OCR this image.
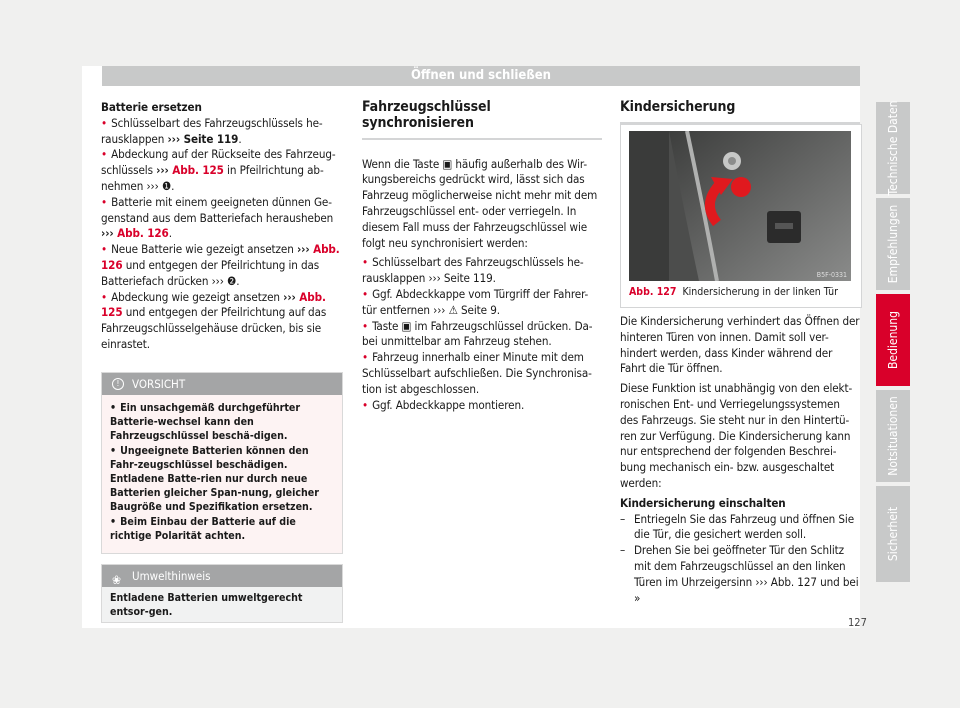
Öffnen und schließen

Batterie ersetzen

• Schlüsselbart des Fahrzeugschlüssels he-rausklappen ››› Seite 119.

• Abdeckung auf der Rückseite des Fahrzeug-schlüssels ››› Abb. 125 in Pfeilrichtung ab-nehmen ››› ❶.

• Batterie mit einem geeigneten dünnen Ge-genstand aus dem Batteriefach herausheben ››› Abb. 126.

• Neue Batterie wie gezeigt ansetzen ››› Abb. 126 und entgegen der Pfeilrichtung in das Batteriefach drücken ››› ❷.

• Abdeckung wie gezeigt ansetzen ››› Abb. 125 und entgegen der Pfeilrichtung auf das Fahrzeugschlüsselgehäuse drücken, bis sie einrastet.

!	VORSICHT

• Ein unsachgemäß durchgeführter Batterie-wechsel kann den Fahrzeugschlüssel beschä-digen.

• Ungeeignete Batterien können den Fahr-zeugschlüssel beschädigen. Entladene Batte-rien nur durch neue Batterien gleicher Span-nung, gleicher Baugröße und Spezifikation ersetzen.

• Beim Einbau der Batterie auf die richtige Polarität achten.

❀ Umwelthinweis
Entladene Batterien umweltgerecht entsor-gen.

Fahrzeugschlüssel synchronisieren

Wenn die Taste ▣ häufig außerhalb des Wir-kungsbereichs gedrückt wird, lässt sich das Fahrzeug möglicherweise nicht mehr mit dem Fahrzeugschlüssel ent- oder verriegeln. In diesem Fall muss der Fahrzeugschlüssel wie folgt neu synchronisiert werden:

• Schlüsselbart des Fahrzeugschlüssels he-rausklappen ››› Seite 119.

• Ggf. Abdeckkappe vom Türgriff der Fahrer-tür entfernen ››› ⚠ Seite 9.

• Taste ▣ im Fahrzeugschlüssel drücken. Da-bei unmittelbar am Fahrzeug stehen.

• Fahrzeug innerhalb einer Minute mit dem Schlüsselbart aufschließen. Die Synchronisa-tion ist abgeschlossen.

• Ggf. Abdeckkappe montieren.

Kindersicherung

B5F-0331
Abb. 127 Kindersicherung in der linken Tür

Die Kindersicherung verhindert das Öffnen der hinteren Türen von innen. Damit soll ver-hindert werden, dass Kinder während der Fahrt die Tür öffnen.

Diese Funktion ist unabhängig von den elekt-ronischen Ent- und Verriegelungssystemen des Fahrzeugs. Sie steht nur in den Hintertü-ren zur Verfügung. Die Kindersicherung kann nur entsprechend der folgenden Beschrei-bung mechanisch ein- bzw. ausgeschaltet werden:

Kindersicherung einschalten

– Entriegeln Sie das Fahrzeug und öffnen Sie die Tür, die gesichert werden soll.

– Drehen Sie bei geöffneter Tür den Schlitz mit dem Fahrzeugschlüssel an den linken Türen im Uhrzeigersinn ››› Abb. 127 und bei »

Technische Daten
Empfehlungen
Bedienung
Notsituationen
Sicherheit
127
